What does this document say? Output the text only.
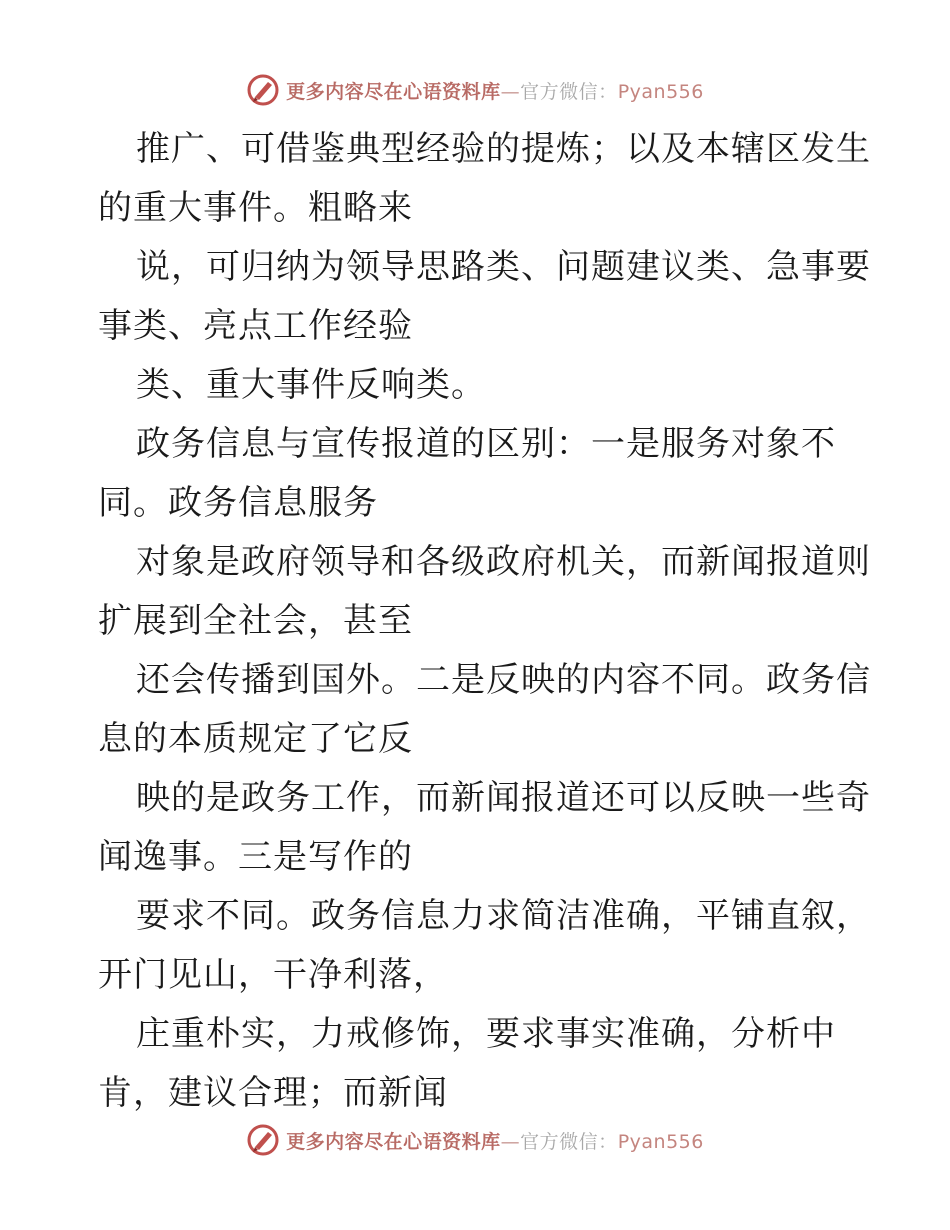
更多内容尽在心语资料库—官方微信：Pyan556
推广、可借鉴典型经验的提炼；以及本辖区发生
的重大事件。粗略来
说，可归纳为领导思路类、问题建议类、急事要
事类、亮点工作经验
类、重大事件反响类。
政务信息与宣传报道的区别：一是服务对象不
同。政务信息服务
对象是政府领导和各级政府机关，而新闻报道则
扩展到全社会，甚至
还会传播到国外。二是反映的内容不同。政务信
息的本质规定了它反
映的是政务工作，而新闻报道还可以反映一些奇
闻逸事。三是写作的
要求不同。政务信息力求简洁准确，平铺直叙，
开门见山，干净利落，
庄重朴实，力戒修饰，要求事实准确，分析中
肯，建议合理；而新闻
更多内容尽在心语资料库—官方微信：Pyan556
